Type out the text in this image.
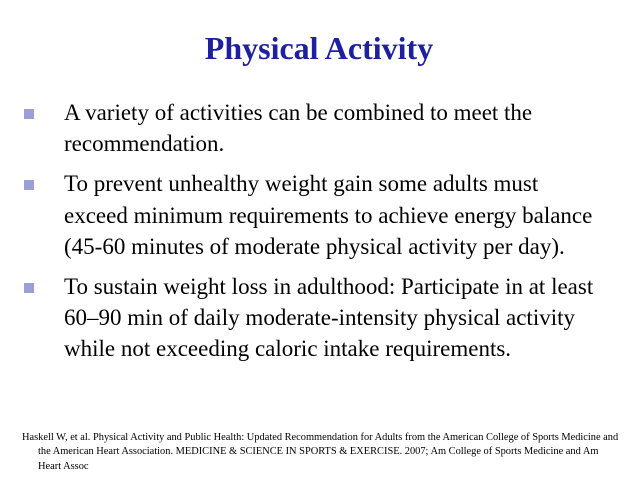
Physical Activity
A variety of activities can be combined to meet the recommendation.
To prevent unhealthy weight gain some adults must exceed minimum requirements to achieve energy balance (45-60 minutes of moderate physical activity per day).
To sustain weight loss in adulthood: Participate in at least 60–90 min of daily moderate-intensity physical activity while not exceeding caloric intake requirements.

Haskell W, et al. Physical Activity and Public Health: Updated Recommendation for Adults from the American College of Sports Medicine and the American Heart Association. MEDICINE & SCIENCE IN SPORTS & EXERCISE. 2007; Am College of Sports Medicine and Am Heart Assoc
